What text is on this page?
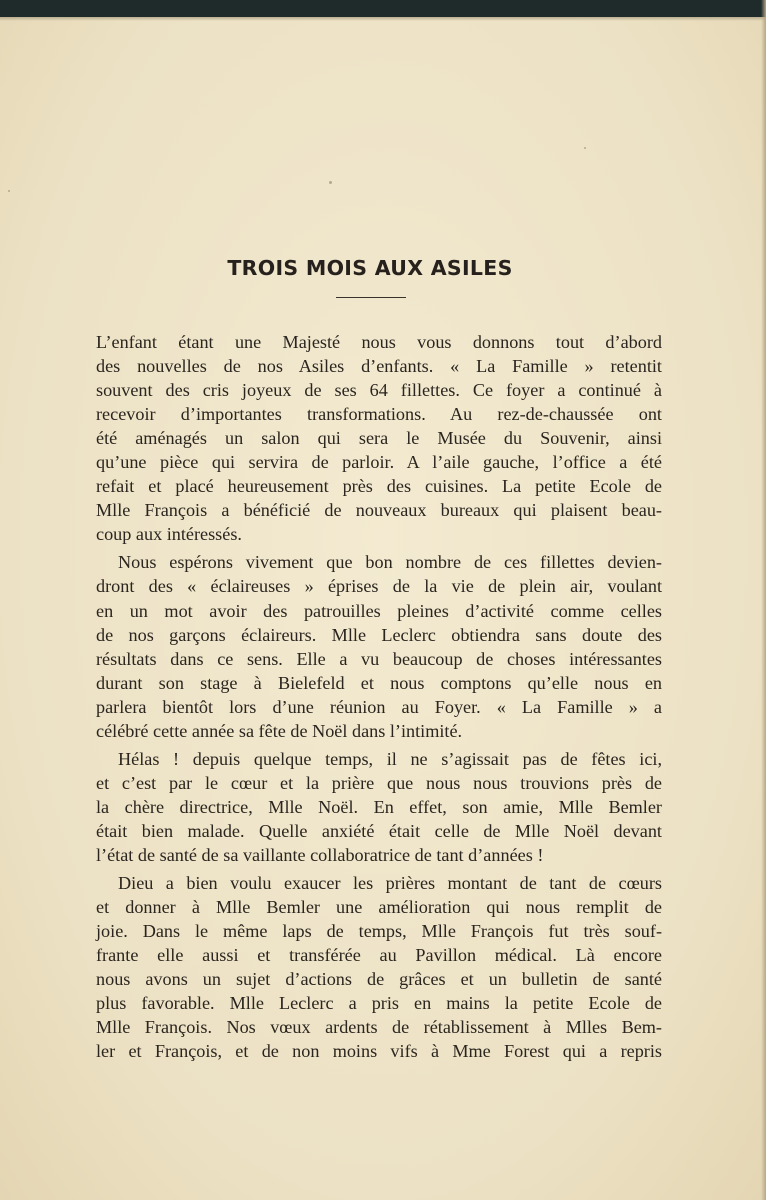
TROIS MOIS AUX ASILES
L’enfant étant une Majesté nous vous donnons tout d’abord
des nouvelles de nos Asiles d’enfants. « La Famille » retentit
souvent des cris joyeux de ses 64 fillettes. Ce foyer a continué à
recevoir d’importantes transformations. Au rez-de-chaussée ont
été aménagés un salon qui sera le Musée du Souvenir, ainsi
qu’une pièce qui servira de parloir. A l’aile gauche, l’office a été
refait et placé heureusement près des cuisines. La petite Ecole de
Mlle François a bénéficié de nouveaux bureaux qui plaisent beau-
coup aux intéressés.
Nous espérons vivement que bon nombre de ces fillettes devien-
dront des « éclaireuses » éprises de la vie de plein air, voulant
en un mot avoir des patrouilles pleines d’activité comme celles
de nos garçons éclaireurs. Mlle Leclerc obtiendra sans doute des
résultats dans ce sens. Elle a vu beaucoup de choses intéressantes
durant son stage à Bielefeld et nous comptons qu’elle nous en
parlera bientôt lors d’une réunion au Foyer. « La Famille » a
célébré cette année sa fête de Noël dans l’intimité.
Hélas ! depuis quelque temps, il ne s’agissait pas de fêtes ici,
et c’est par le cœur et la prière que nous nous trouvions près de
la chère directrice, Mlle Noël. En effet, son amie, Mlle Bemler
était bien malade. Quelle anxiété était celle de Mlle Noël devant
l’état de santé de sa vaillante collaboratrice de tant d’années !
Dieu a bien voulu exaucer les prières montant de tant de cœurs
et donner à Mlle Bemler une amélioration qui nous remplit de
joie. Dans le même laps de temps, Mlle François fut très souf-
frante elle aussi et transférée au Pavillon médical. Là encore
nous avons un sujet d’actions de grâces et un bulletin de santé
plus favorable. Mlle Leclerc a pris en mains la petite Ecole de
Mlle François. Nos vœux ardents de rétablissement à Mlles Bem-
ler et François, et de non moins vifs à Mme Forest qui a repris
